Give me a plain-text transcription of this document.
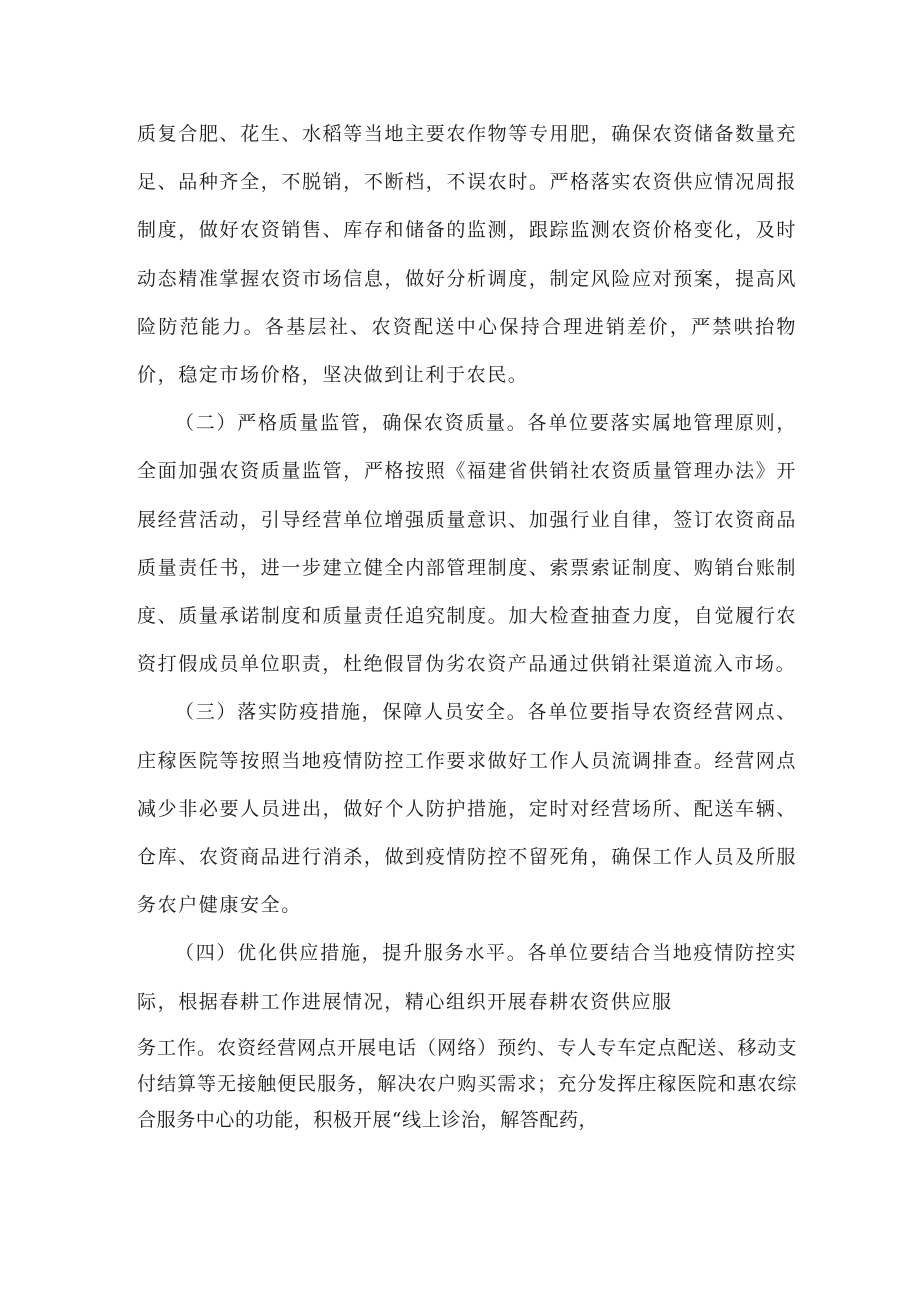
质复合肥、花生、水稻等当地主要农作物等专用肥，确保农资储备数量充足、品种齐全，不脱销，不断档，不误农时。严格落实农资供应情况周报制度，做好农资销售、库存和储备的监测，跟踪监测农资价格变化，及时动态精准掌握农资市场信息，做好分析调度，制定风险应对预案，提高风险防范能力。各基层社、农资配送中心保持合理进销差价，严禁哄抬物价，稳定市场价格，坚决做到让利于农民。

（二）严格质量监管，确保农资质量。各单位要落实属地管理原则，全面加强农资质量监管，严格按照《福建省供销社农资质量管理办法》开展经营活动，引导经营单位增强质量意识、加强行业自律，签订农资商品质量责任书，进一步建立健全内部管理制度、索票索证制度、购销台账制度、质量承诺制度和质量责任追究制度。加大检查抽查力度，自觉履行农资打假成员单位职责，杜绝假冒伪劣农资产品通过供销社渠道流入市场。

（三）落实防疫措施，保障人员安全。各单位要指导农资经营网点、庄稼医院等按照当地疫情防控工作要求做好工作人员流调排查。经营网点减少非必要人员进出，做好个人防护措施，定时对经营场所、配送车辆、仓库、农资商品进行消杀，做到疫情防控不留死角，确保工作人员及所服务农户健康安全。

（四）优化供应措施，提升服务水平。各单位要结合当地疫情防控实际，根据春耕工作进展情况，精心组织开展春耕农资供应服

务工作。农资经营网点开展电话（网络）预约、专人专车定点配送、移动支付结算等无接触便民服务，解决农户购买需求；充分发挥庄稼医院和惠农综合服务中心的功能，积极开展“线上诊治，解答配药，
